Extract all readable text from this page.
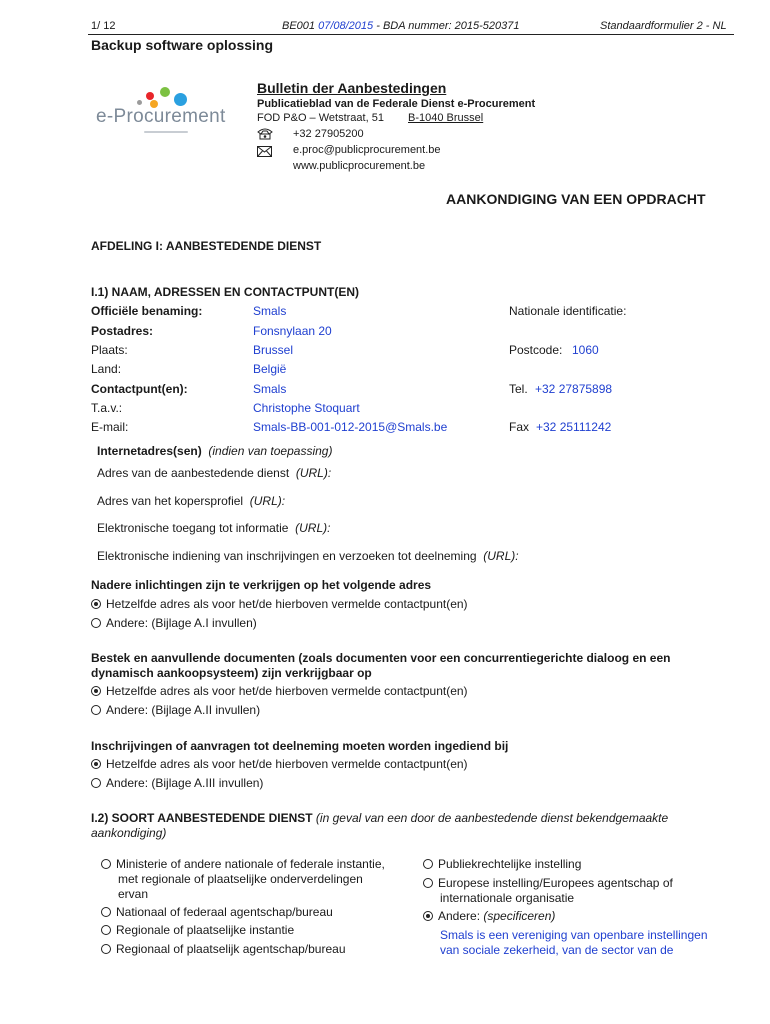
1/ 12	BE001 07/08/2015 - BDA nummer: 2015-520371	Standaardformulier 2 - NL
Backup software oplossing
e-Procurement
Bulletin der Aanbestedingen
Publicatieblad van de Federale Dienst e-Procurement
FOD P&O – Wetstraat, 51 B-1040 Brussel
+32 27905200
e.proc@publicprocurement.be
www.publicprocurement.be
AANKONDIGING VAN EEN OPDRACHT
AFDELING I: AANBESTEDENDE DIENST
I.1) NAAM, ADRESSEN EN CONTACTPUNT(EN)
Officiële benaming:	Smals	Nationale identificatie:
Postadres:	Fonsnylaan 20
Plaats:	Brussel	Postcode: 1060
Land:	België
Contactpunt(en):	Smals	Tel. +32 27875898
T.a.v.:	Christophe Stoquart
E-mail:	Smals-BB-001-012-2015@Smals.be	Fax +32 25111242
Internetadres(sen) (indien van toepassing)
Adres van de aanbestedende dienst (URL):
Adres van het kopersprofiel (URL):
Elektronische toegang tot informatie (URL):
Elektronische indiening van inschrijvingen en verzoeken tot deelneming (URL):
Nadere inlichtingen zijn te verkrijgen op het volgende adres
Hetzelfde adres als voor het/de hierboven vermelde contactpunt(en)
Andere: (Bijlage A.I invullen)
Bestek en aanvullende documenten (zoals documenten voor een concurrentiegerichte dialoog en een
dynamisch aankoopsysteem) zijn verkrijgbaar op
Hetzelfde adres als voor het/de hierboven vermelde contactpunt(en)
Andere: (Bijlage A.II invullen)
Inschrijvingen of aanvragen tot deelneming moeten worden ingediend bij
Hetzelfde adres als voor het/de hierboven vermelde contactpunt(en)
Andere: (Bijlage A.III invullen)
I.2) SOORT AANBESTEDENDE DIENST (in geval van een door de aanbestedende dienst bekendgemaakte
aankondiging)
Ministerie of andere nationale of federale instantie,
met regionale of plaatselijke onderverdelingen
ervan
Nationaal of federaal agentschap/bureau
Regionale of plaatselijke instantie
Regionaal of plaatselijk agentschap/bureau
Publiekrechtelijke instelling
Europese instelling/Europees agentschap of
internationale organisatie
Andere: (specificeren)
Smals is een vereniging van openbare instellingen
van sociale zekerheid, van de sector van de
